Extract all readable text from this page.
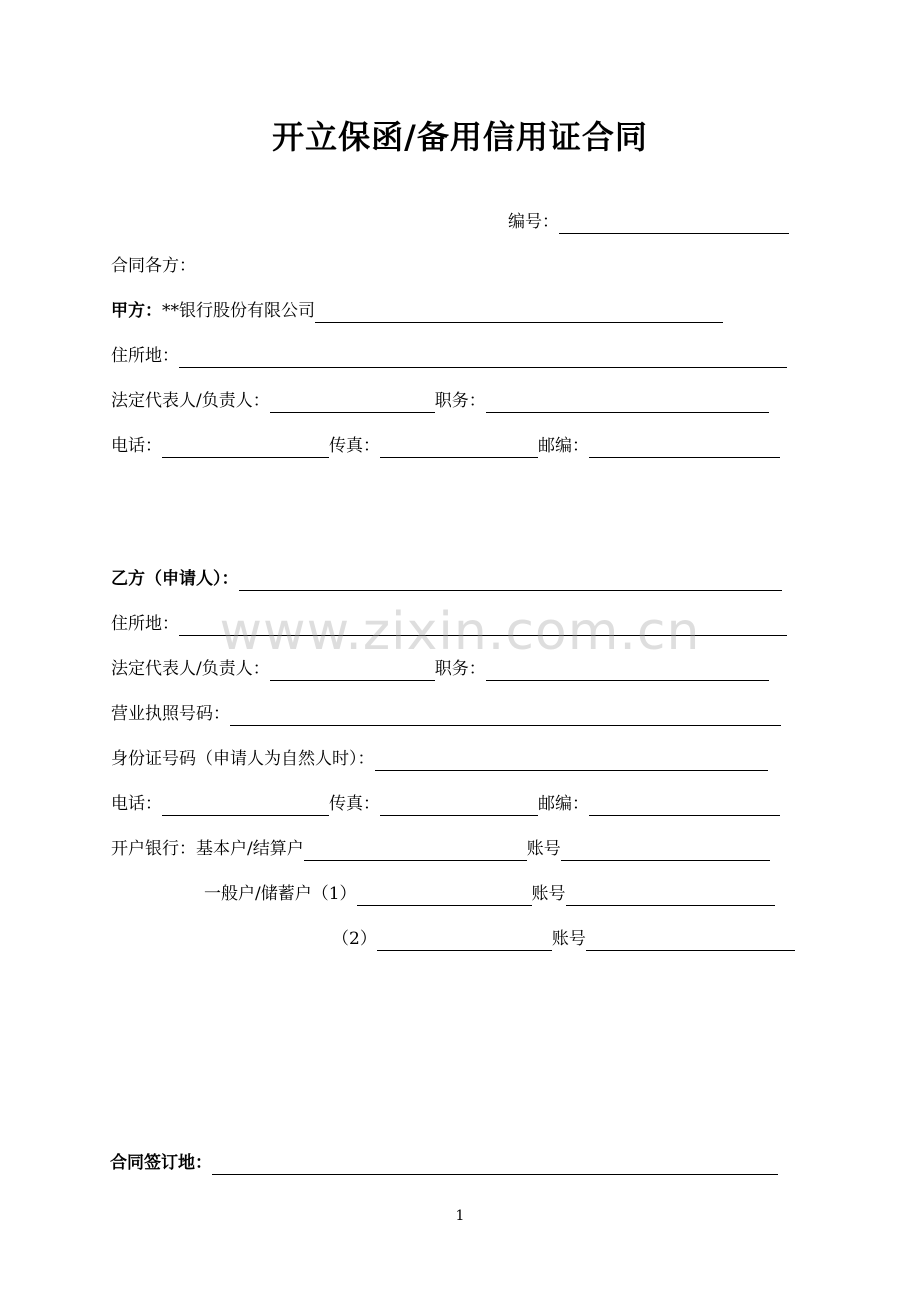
开立保函/备用信用证合同
编号：
合同各方：
甲方： **银行股份有限公司
住所地：
法定代表人/负责人：	职务：
电话：	传真：	邮编：
乙方（申请人）：
住所地：
法定代表人/负责人：	职务：
营业执照号码：
身份证号码（申请人为自然人时）：
电话：	传真：	邮编：
开户银行： 基本户/结算户	账号
一般户/储蓄户（1）	账号
（2）	账号
合同签订地：
www.zixin.com.cn
1
